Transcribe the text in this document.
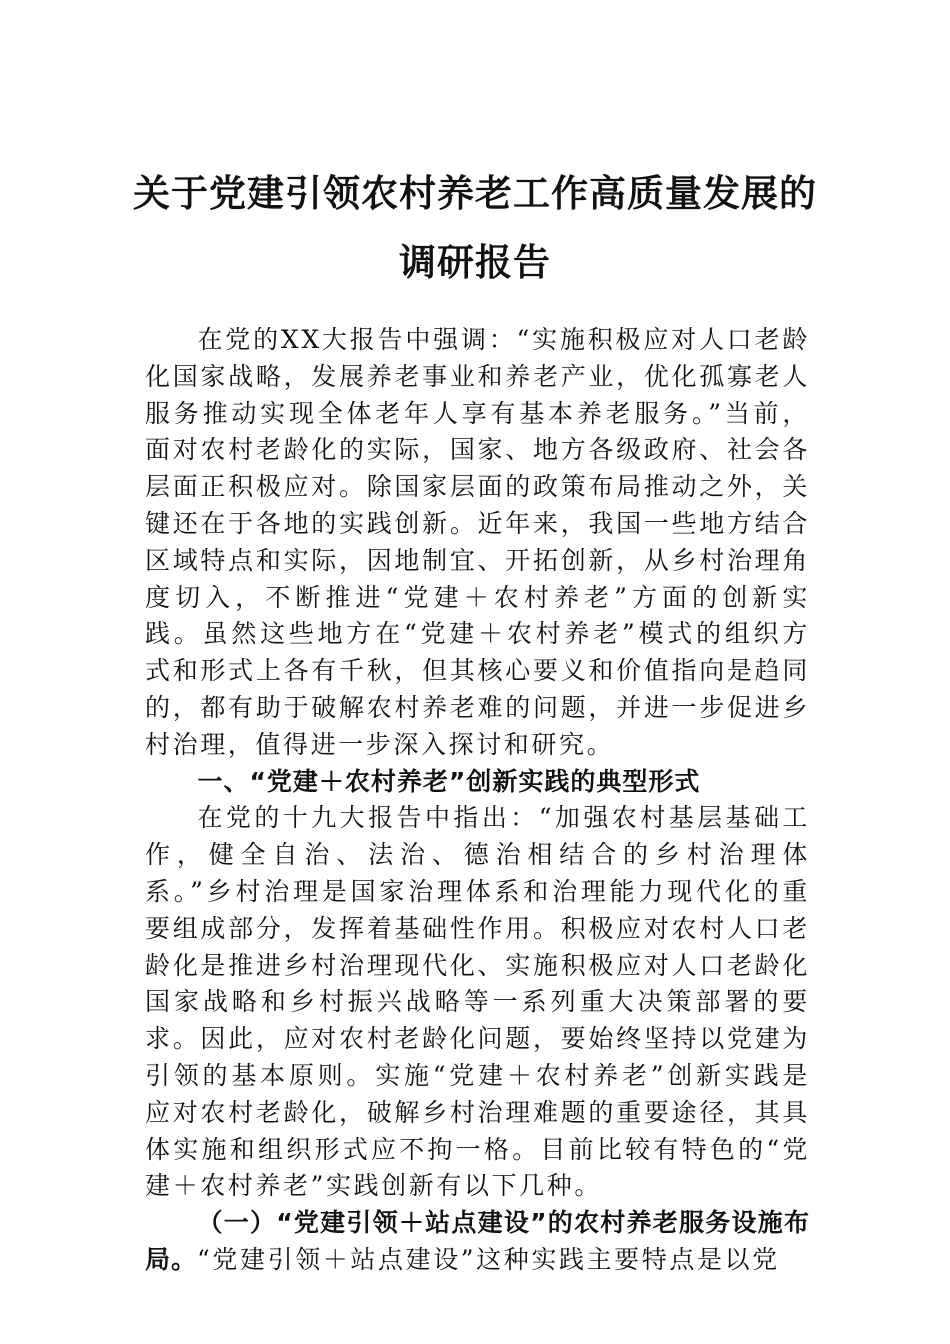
关于党建引领农村养老工作高质量发展的
调研报告

在党的XX大报告中强调：“实施积极应对人口老龄化国家战略，发展养老事业和养老产业，优化孤寡老人服务推动实现全体老年人享有基本养老服务。”当前，面对农村老龄化的实际，国家、地方各级政府、社会各层面正积极应对。除国家层面的政策布局推动之外，关键还在于各地的实践创新。近年来，我国一些地方结合区域特点和实际，因地制宜、开拓创新，从乡村治理角度切入，不断推进“党建＋农村养老”方面的创新实践。虽然这些地方在“党建＋农村养老”模式的组织方式和形式上各有千秋，但其核心要义和价值指向是趋同的，都有助于破解农村养老难的问题，并进一步促进乡村治理，值得进一步深入探讨和研究。

一、“党建＋农村养老”创新实践的典型形式

在党的十九大报告中指出：“加强农村基层基础工作，健全自治、法治、德治相结合的乡村治理体系。”乡村治理是国家治理体系和治理能力现代化的重要组成部分，发挥着基础性作用。积极应对农村人口老龄化是推进乡村治理现代化、实施积极应对人口老龄化国家战略和乡村振兴战略等一系列重大决策部署的要求。因此，应对农村老龄化问题，要始终坚持以党建为引领的基本原则。实施“党建＋农村养老”创新实践是应对农村老龄化，破解乡村治理难题的重要途径，其具体实施和组织形式应不拘一格。目前比较有特色的“党建＋农村养老”实践创新有以下几种。

（一）“党建引领＋站点建设”的农村养老服务设施布局。“党建引领＋站点建设”这种实践主要特点是以党
